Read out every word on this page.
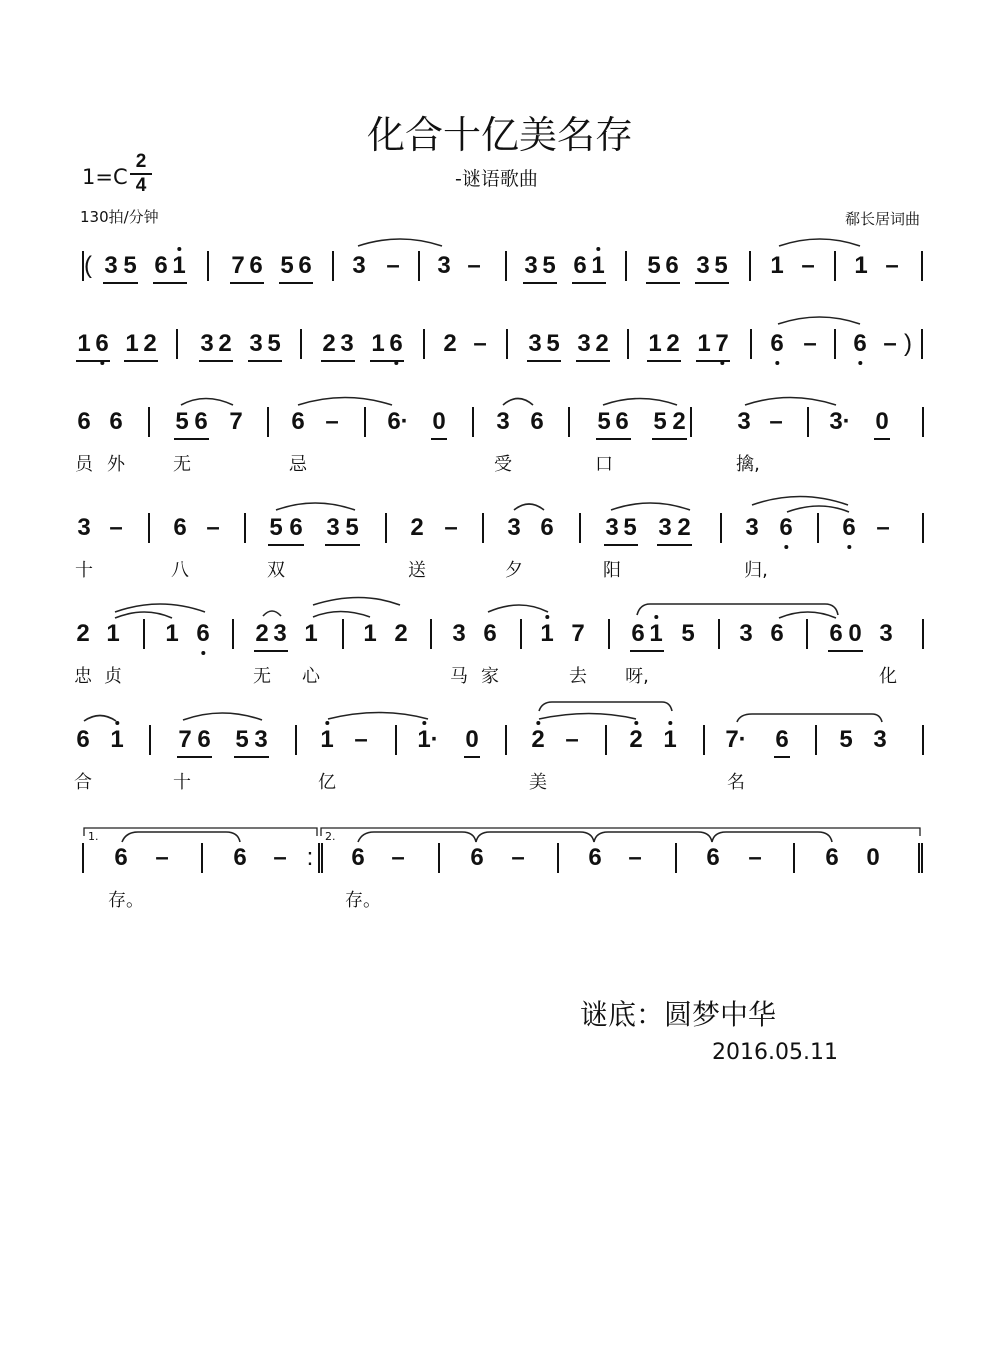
化合十亿美名存
1=C
2
4	-谜语歌曲
130拍/分钟	郗长居词曲
( 3 5 6 1 7 6 5 6 3 – 3 – 3 5 6 1 5 6 3 5 1 – 1 –
1 6 1 2 3 2 3 5 2 3 1 6 2 – 3 5 3 2 1 2 1 7 6 – 6 – )
6 6 5 6 7 6 – 6· 0 3 6 5 6 5 2 3 – 3· 0
员 外	无	忌	受	口	擒,
3 – 6 – 5 6 3 5 2 – 3 6 3 5 3 2 3 6 6 –
十	八	双	送	夕	阳	归,
2 1 1 6 2 3 1 1 2 3 6 1 7 6 1 5 3 6 6 0 3
忠 贞	无 心	马 家	去 呀,	化
6 1 7 6 5 3 1 – 1· 0 2 – 2 1 7· 6 5 3
合	十	亿	美	名
6 –	6 – : 6 –	6 –	6 –	6 –	6 0
存。	存。
1.	2.
谜底：圆梦中华
2016.05.11
